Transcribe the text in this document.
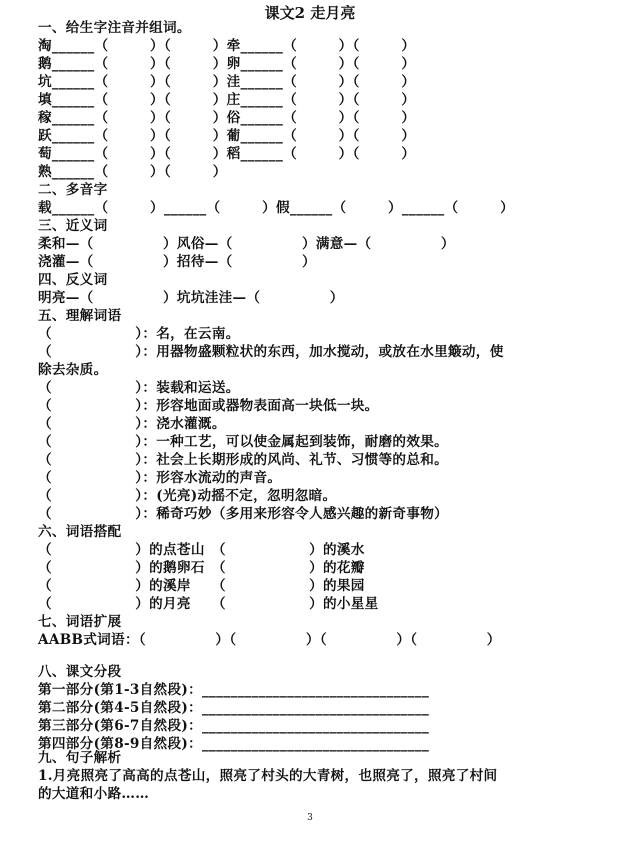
课文2 走月亮
一、给生字注音并组词。
淘______（　　　）（　　　）牵______（　　　）（　　　）
鹅______（　　　）（　　　）卵______（　　　）（　　　）
坑______（　　　）（　　　）洼______（　　　）（　　　）
填______（　　　）（　　　）庄______（　　　）（　　　）
稼______（　　　）（　　　）俗______（　　　）（　　　）
跃______（　　　）（　　　）葡______（　　　）（　　　）
萄______（　　　）（　　　）稻______（　　　）（　　　）
熟______（　　　）（　　　）
二、多音字
载______（　　　）______（　　　）假______（　　　）______（　　　）
三、近义词
柔和—（　　　　　）风俗—（　　　　　）满意—（　　　　　）
浇灌—（　　　　　）招待—（　　　　　）
四、反义词
明亮—（　　　　　）坑坑洼洼—（　　　　　）
五、理解词语
（　　　　　　）：名，在云南。
（　　　　　　）：用器物盛颗粒状的东西，加水搅动，或放在水里簸动，使
除去杂质。
（　　　　　　）：装载和运送。
（　　　　　　）：形容地面或器物表面高一块低一块。
（　　　　　　）：浇水灌溉。
（　　　　　　）：一种工艺，可以使金属起到装饰，耐磨的效果。
（　　　　　　）：社会上长期形成的风尚、礼节、习惯等的总和。
（　　　　　　）：形容水流动的声音。
（　　　　　　）：(光亮)动摇不定，忽明忽暗。
（　　　　　　）：稀奇巧妙（多用来形容令人感兴趣的新奇事物）
六、词语搭配
（　　　　　　）的点苍山　（　　　　　　）的溪水
（　　　　　　）的鹅卵石　（　　　　　　）的花瓣
（　　　　　　）的溪岸　　（　　　　　　）的果园
（　　　　　　）的月亮　　（　　　　　　）的小星星
七、词语扩展
AABB式词语：（　　　　　）（　　　　　）（　　　　　）（　　　　　）
八、课文分段
第一部分(第1-3自然段)：________________________________
第二部分(第4-5自然段)：________________________________
第三部分(第6-7自然段)：________________________________
第四部分(第8-9自然段)：________________________________
九、句子解析
1.月亮照亮了高高的点苍山，照亮了村头的大青树，也照亮了，照亮了村间
的大道和小路……
3
